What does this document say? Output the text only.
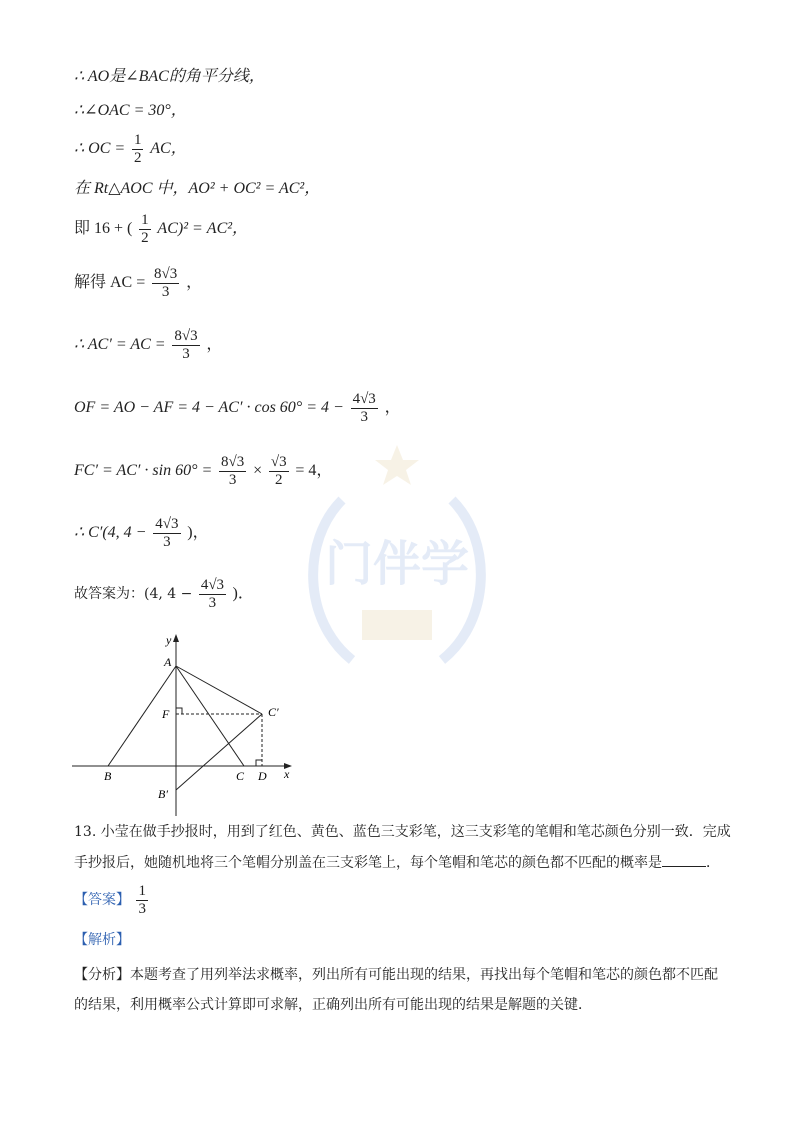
门伴学
∴ AO是∠BAC的角平分线，
∴∠OAC = 30°，
∴ OC = $\frac{1}{2}$ AC，
在 Rt△AOC 中，AO² + OC² = AC²，
即 16 + ( $\frac{1}{2} AC)^2 = AC^2$，
解得 AC = $\frac{8√3}{3}$ ，
∴ AC′ = AC = $\frac{8√3}{3}$ ，
OF = AO − AF = $4 - AC' \cdot \cos 60^\circ = 4 - \frac{4√3}{3}$ ，
$FC' = AC' \cdot \sin 60^\circ = \frac{8√3}{3} \times \frac{√3}{2} = 4$，
∴ C′(4, $4 - \frac{4√3}{3}$ )，
故答案为：(4, $4 - \frac{4√3}{3}$ )．
y
x
A
F	C′
B	C D
B′
13. 小莹在做手抄报时，用到了红色、黄色、蓝色三支彩笔，这三支彩笔的笔帽和笔芯颜色分别一致．完成
手抄报后，她随机地将三个笔帽分别盖在三支彩笔上，每个笔帽和笔芯的颜色都不匹配的概率是	．
【答案】 $\frac{1}{3}$
【解析】
【分析】本题考查了用列举法求概率，列出所有可能出现的结果，再找出每个笔帽和笔芯的颜色都不匹配
的结果，利用概率公式计算即可求解，正确列出所有可能出现的结果是解题的关键．
